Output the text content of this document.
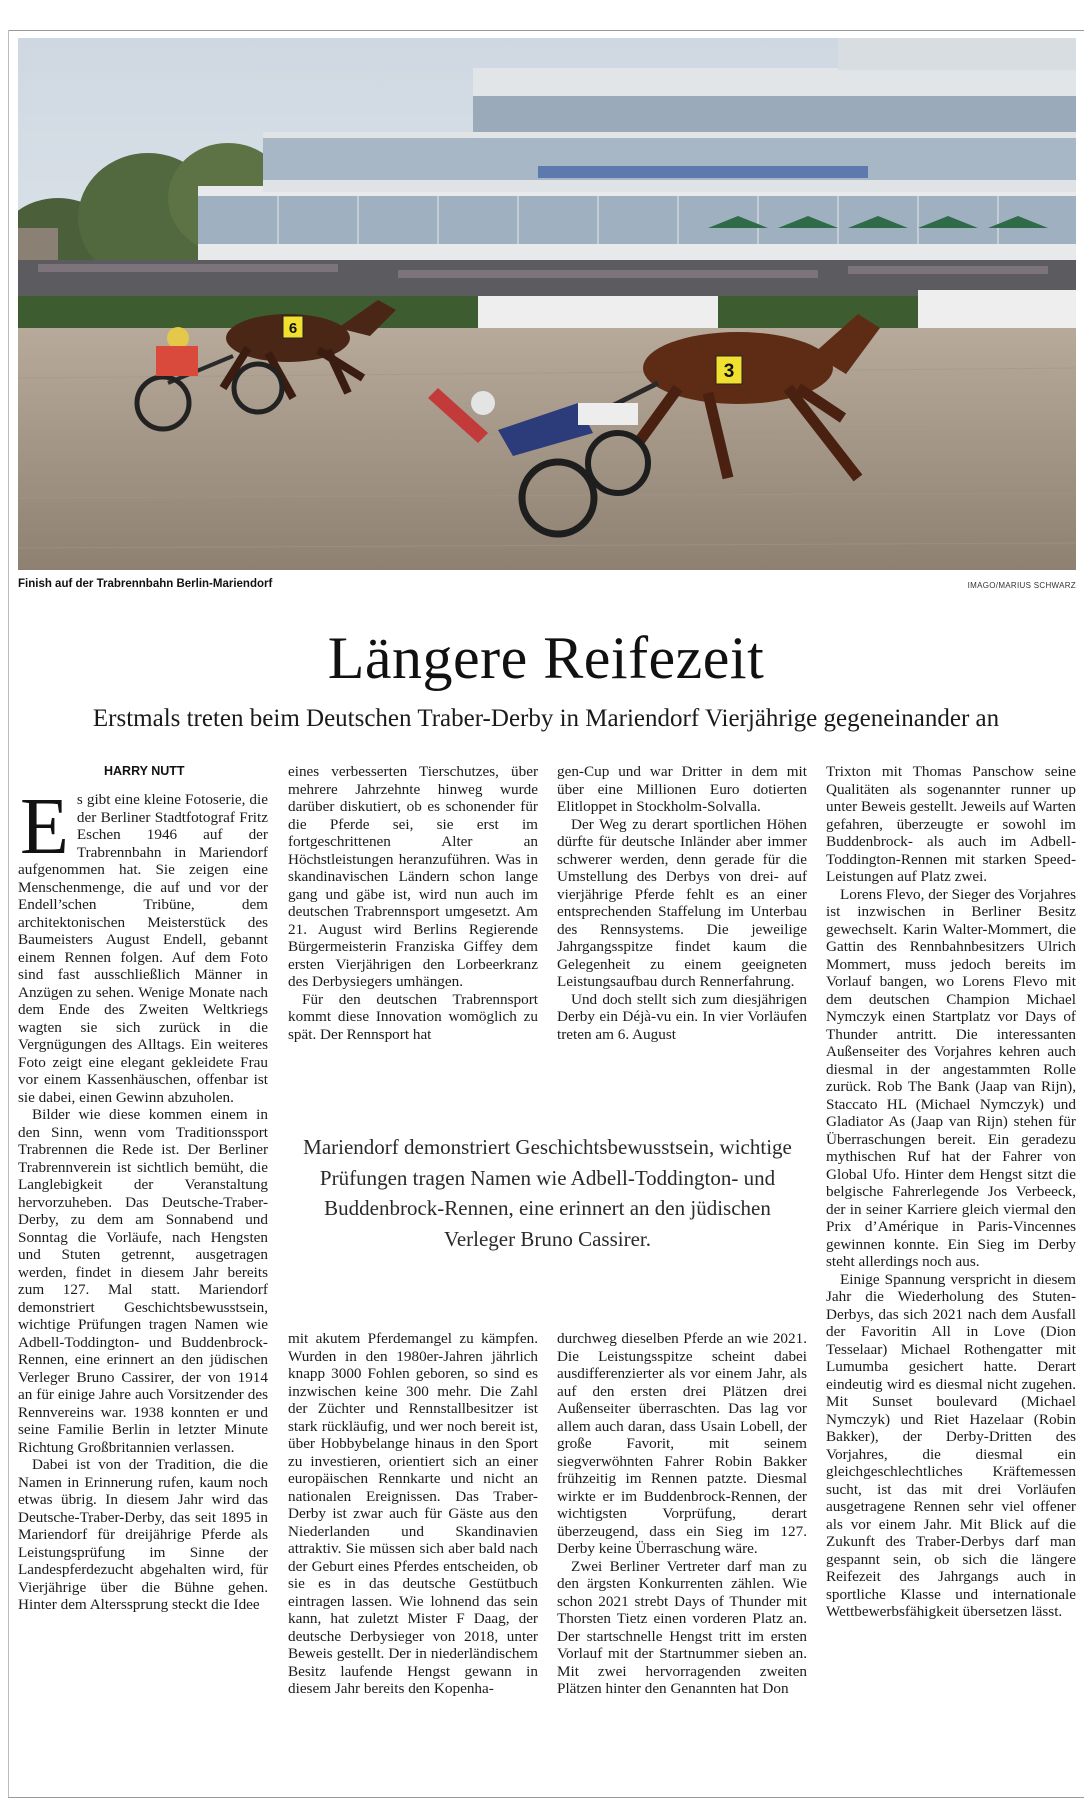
6
3
Finish auf der Trabrennbahn Berlin-Mariendorf	IMAGO/MARIUS SCHWARZ
Längere Reifezeit
Erstmals treten beim Deutschen Traber-Derby in Mariendorf Vierjährige gegeneinander an
HARRY NUTT

Es gibt eine kleine Fotoserie, die der Berliner Stadtfotograf Fritz Eschen 1946 auf der Trabrennbahn in Mariendorf aufgenommen hat. Sie zeigen eine Menschenmenge, die auf und vor der Endell’schen Tribüne, dem architektonischen Meisterstück des Baumeisters August Endell, gebannt einem Rennen folgen. Auf dem Foto sind fast ausschließlich Männer in Anzügen zu sehen. Wenige Monate nach dem Ende des Zweiten Weltkriegs wagten sie sich zurück in die Vergnügungen des Alltags. Ein weiteres Foto zeigt eine elegant gekleidete Frau vor einem Kassenhäuschen, offenbar ist sie dabei, einen Gewinn abzuholen.

Bilder wie diese kommen einem in den Sinn, wenn vom Traditionssport Trabrennen die Rede ist. Der Berliner Trabrennverein ist sichtlich bemüht, die Langlebigkeit der Veranstaltung hervorzuheben. Das Deutsche-Traber-Derby, zu dem am Sonnabend und Sonntag die Vorläufe, nach Hengsten und Stuten getrennt, ausgetragen werden, findet in diesem Jahr bereits zum 127. Mal statt. Mariendorf demonstriert Geschichtsbewusstsein, wichtige Prüfungen tragen Namen wie Adbell-Toddington- und Buddenbrock-Rennen, eine erinnert an den jüdischen Verleger Bruno Cassirer, der von 1914 an für einige Jahre auch Vorsitzender des Rennvereins war. 1938 konnten er und seine Familie Berlin in letzter Minute Richtung Großbritannien verlassen.

Dabei ist von der Tradition, die die Namen in Erinnerung rufen, kaum noch etwas übrig. In diesem Jahr wird das Deutsche-Traber-Derby, das seit 1895 in Mariendorf für dreijährige Pferde als Leistungsprüfung im Sinne der Landespferdezucht abgehalten wird, für Vierjährige über die Bühne gehen. Hinter dem Alterssprung steckt die Idee

eines verbesserten Tierschutzes, über mehrere Jahrzehnte hinweg wurde darüber diskutiert, ob es schonender für die Pferde sei, sie erst im fortgeschrittenen Alter an Höchstleistungen heranzuführen. Was in skandinavischen Ländern schon lange gang und gäbe ist, wird nun auch im deutschen Trabrennsport umgesetzt. Am 21. August wird Berlins Regierende Bürgermeisterin Franziska Giffey dem ersten Vierjährigen den Lorbeerkranz des Derbysiegers umhängen.

Für den deutschen Trabrennsport kommt diese Innovation womöglich zu spät. Der Rennsport hat

gen-Cup und war Dritter in dem mit über eine Millionen Euro dotierten Elitloppet in Stockholm-Solvalla.

Der Weg zu derart sportlichen Höhen dürfte für deutsche Inländer aber immer schwerer werden, denn gerade für die Umstellung des Derbys von drei- auf vierjährige Pferde fehlt es an einer entsprechenden Staffelung im Unterbau des Rennsystems. Die jeweilige Jahrgangsspitze findet kaum die Gelegenheit zu einem geeigneten Leistungsaufbau durch Rennerfahrung.

Und doch stellt sich zum diesjährigen Derby ein Déjà-vu ein. In vier Vorläufen treten am 6. August

Mariendorf demonstriert Geschichtsbewusstsein, wichtige Prüfungen tragen Namen wie Adbell-Toddington- und Buddenbrock-Rennen, eine erinnert an den jüdischen Verleger Bruno Cassirer.

mit akutem Pferdemangel zu kämpfen. Wurden in den 1980er-Jahren jährlich knapp 3000 Fohlen geboren, so sind es inzwischen keine 300 mehr. Die Zahl der Züchter und Rennstallbesitzer ist stark rückläufig, und wer noch bereit ist, über Hobbybelange hinaus in den Sport zu investieren, orientiert sich an einer europäischen Rennkarte und nicht an nationalen Ereignissen. Das Traber-Derby ist zwar auch für Gäste aus den Niederlanden und Skandinavien attraktiv. Sie müssen sich aber bald nach der Geburt eines Pferdes entscheiden, ob sie es in das deutsche Gestütbuch eintragen lassen. Wie lohnend das sein kann, hat zuletzt Mister F Daag, der deutsche Derbysieger von 2018, unter Beweis gestellt. Der in niederländischem Besitz laufende Hengst gewann in diesem Jahr bereits den Kopenha-

durchweg dieselben Pferde an wie 2021. Die Leistungsspitze scheint dabei ausdifferenzierter als vor einem Jahr, als auf den ersten drei Plätzen drei Außenseiter überraschten. Das lag vor allem auch daran, dass Usain Lobell, der große Favorit, mit seinem siegverwöhnten Fahrer Robin Bakker frühzeitig im Rennen patzte. Diesmal wirkte er im Buddenbrock-Rennen, der wichtigsten Vorprüfung, derart überzeugend, dass ein Sieg im 127. Derby keine Überraschung wäre.

Zwei Berliner Vertreter darf man zu den ärgsten Konkurrenten zählen. Wie schon 2021 strebt Days of Thunder mit Thorsten Tietz einen vorderen Platz an. Der startschnelle Hengst tritt im ersten Vorlauf mit der Startnummer sieben an. Mit zwei hervorragenden zweiten Plätzen hinter den Genannten hat Don

Trixton mit Thomas Panschow seine Qualitäten als sogenannter runner up unter Beweis gestellt. Jeweils auf Warten gefahren, überzeugte er sowohl im Buddenbrock- als auch im Adbell-Toddington-Rennen mit starken Speed-Leistungen auf Platz zwei.

Lorens Flevo, der Sieger des Vorjahres ist inzwischen in Berliner Besitz gewechselt. Karin Walter-Mommert, die Gattin des Rennbahnbesitzers Ulrich Mommert, muss jedoch bereits im Vorlauf bangen, wo Lorens Flevo mit dem deutschen Champion Michael Nymczyk einen Startplatz vor Days of Thunder antritt. Die interessanten Außenseiter des Vorjahres kehren auch diesmal in der angestammten Rolle zurück. Rob The Bank (Jaap van Rijn), Staccato HL (Michael Nymczyk) und Gladiator As (Jaap van Rijn) stehen für Überraschungen bereit. Ein geradezu mythischen Ruf hat der Fahrer von Global Ufo. Hinter dem Hengst sitzt die belgische Fahrerlegende Jos Verbeeck, der in seiner Karriere gleich viermal den Prix d’Amérique in Paris-Vincennes gewinnen konnte. Ein Sieg im Derby steht allerdings noch aus.

Einige Spannung verspricht in diesem Jahr die Wiederholung des Stuten-Derbys, das sich 2021 nach dem Ausfall der Favoritin All in Love (Dion Tesselaar) Michael Rothengatter mit Lumumba gesichert hatte. Derart eindeutig wird es diesmal nicht zugehen. Mit Sunset boulevard (Michael Nymczyk) und Riet Hazelaar (Robin Bakker), der Derby-Dritten des Vorjahres, die diesmal ein gleichgeschlechtliches Kräftemessen sucht, ist das mit drei Vorläufen ausgetragene Rennen sehr viel offener als vor einem Jahr. Mit Blick auf die Zukunft des Traber-Derbys darf man gespannt sein, ob sich die längere Reifezeit des Jahrgangs auch in sportliche Klasse und internationale Wettbewerbsfähigkeit übersetzen lässt.
